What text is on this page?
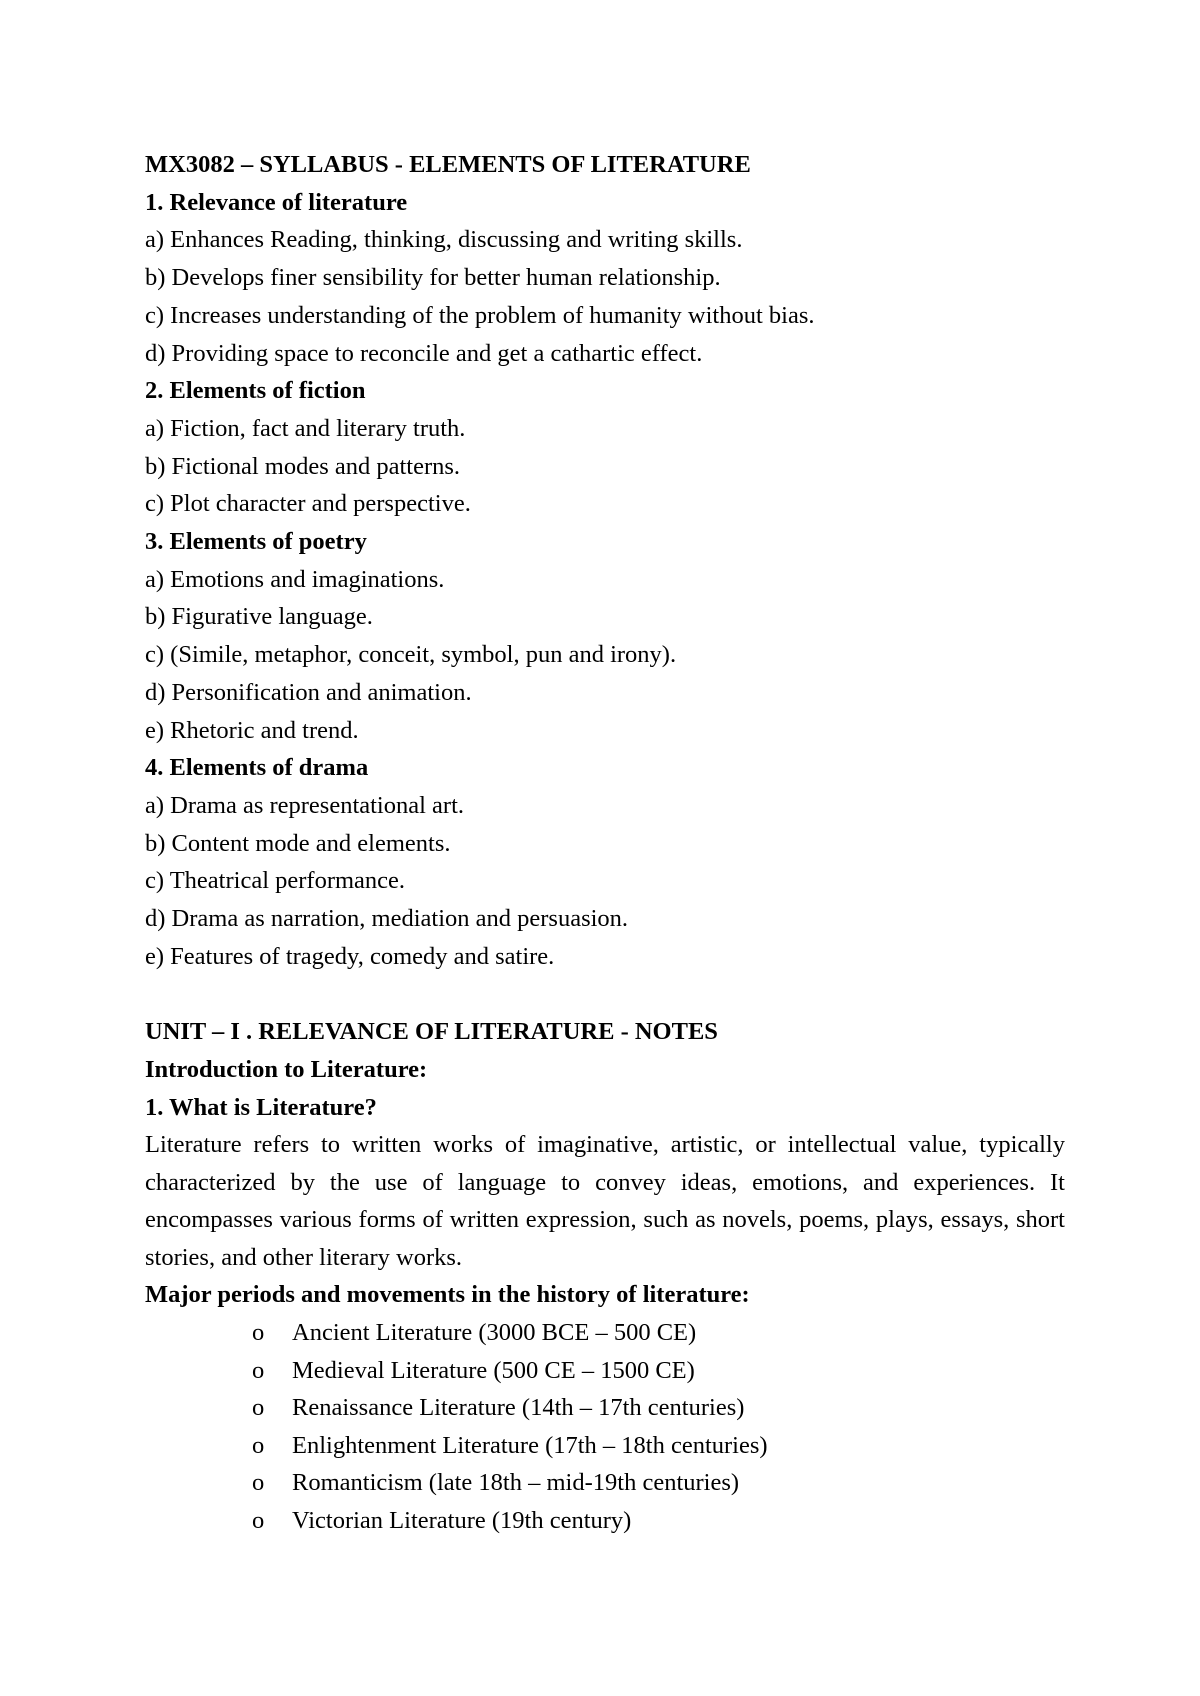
MX3082 – SYLLABUS - ELEMENTS OF LITERATURE
1. Relevance of literature
a) Enhances Reading, thinking, discussing and writing skills.
b) Develops finer sensibility for better human relationship.
c) Increases understanding of the problem of humanity without bias.
d) Providing space to reconcile and get a cathartic effect.
2. Elements of fiction
a) Fiction, fact and literary truth.
b) Fictional modes and patterns.
c) Plot character and perspective.
3. Elements of poetry
a) Emotions and imaginations.
b) Figurative language.
c) (Simile, metaphor, conceit, symbol, pun and irony).
d) Personification and animation.
e) Rhetoric and trend.
4. Elements of drama
a) Drama as representational art.
b) Content mode and elements.
c) Theatrical performance.
d) Drama as narration, mediation and persuasion.
e) Features of tragedy, comedy and satire.
UNIT – I . RELEVANCE OF LITERATURE - NOTES
Introduction to Literature:
1. What is Literature?
Literature refers to written works of imaginative, artistic, or intellectual value, typically characterized by the use of language to convey ideas, emotions, and experiences. It encompasses various forms of written expression, such as novels, poems, plays, essays, short stories, and other literary works.
Major periods and movements in the history of literature:
o Ancient Literature (3000 BCE – 500 CE)
o Medieval Literature (500 CE – 1500 CE)
o Renaissance Literature (14th – 17th centuries)
o Enlightenment Literature (17th – 18th centuries)
o Romanticism (late 18th – mid-19th centuries)
o Victorian Literature (19th century)
